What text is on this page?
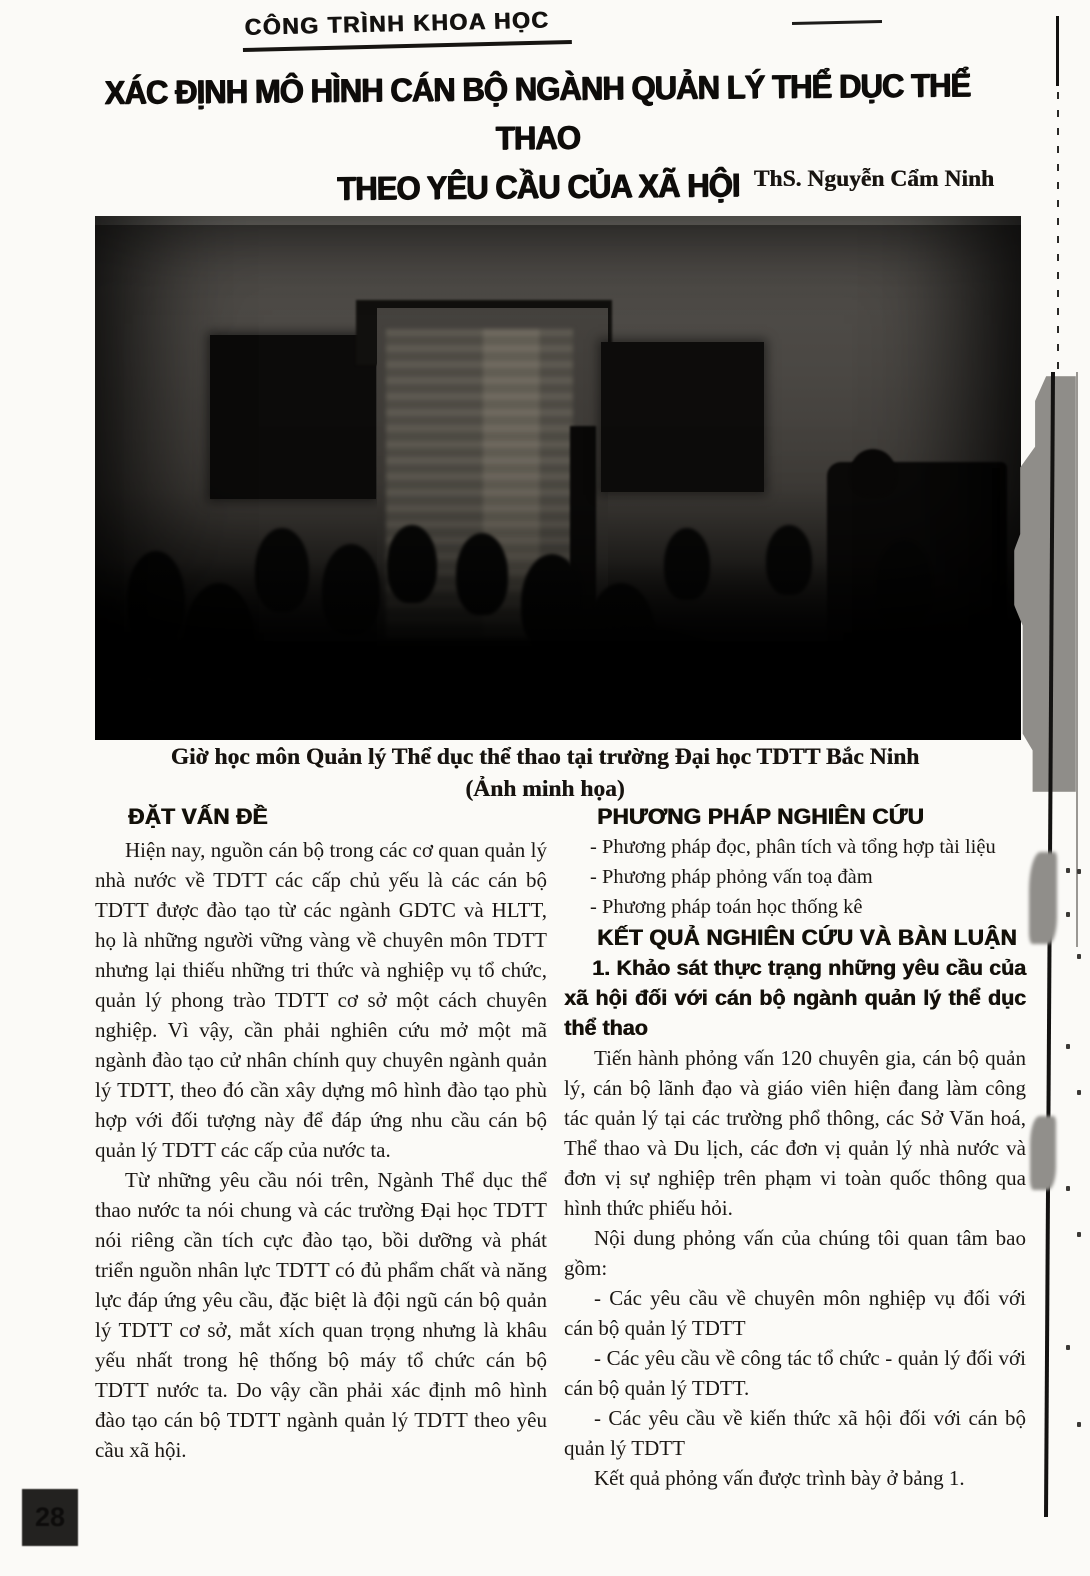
CÔNG TRÌNH KHOA HỌC
XÁC ĐỊNH MÔ HÌNH CÁN BỘ NGÀNH QUẢN LÝ THỂ DỤC THỂ THAO
THEO YÊU CẦU CỦA XÃ HỘI ThS. Nguyễn Cẩm Ninh

Giờ học môn Quản lý Thể dục thể thao tại trường Đại học TDTT Bắc Ninh

(Ảnh minh họa)

ĐẶT VẤN ĐỀ

Hiện nay, nguồn cán bộ trong các cơ quan quản lý nhà nước về TDTT các cấp chủ yếu là các cán bộ TDTT được đào tạo từ các ngành GDTC và HLTT, họ là những người vững vàng về chuyên môn TDTT nhưng lại thiếu những tri thức và nghiệp vụ tổ chức, quản lý phong trào TDTT cơ sở một cách chuyên nghiệp. Vì vậy, cần phải nghiên cứu mở một mã ngành đào tạo cử nhân chính quy chuyên ngành quản lý TDTT, theo đó cần xây dựng mô hình đào tạo phù hợp với đối tượng này để đáp ứng nhu cầu cán bộ quản lý TDTT các cấp của nước ta.

Từ những yêu cầu nói trên, Ngành Thể dục thể thao nước ta nói chung và các trường Đại học TDTT nói riêng cần tích cực đào tạo, bồi dưỡng và phát triển nguồn nhân lực TDTT có đủ phẩm chất và năng lực đáp ứng yêu cầu, đặc biệt là đội ngũ cán bộ quản lý TDTT cơ sở, mắt xích quan trọng nhưng là khâu yếu nhất trong hệ thống bộ máy tổ chức cán bộ TDTT nước ta. Do vậy cần phải xác định mô hình đào tạo cán bộ TDTT ngành quản lý TDTT theo yêu cầu xã hội.

PHƯƠNG PHÁP NGHIÊN CỨU

- Phương pháp đọc, phân tích và tổng hợp tài liệu

- Phương pháp phỏng vấn toạ đàm

- Phương pháp toán học thống kê

KẾT QUẢ NGHIÊN CỨU VÀ BÀN LUẬN

1. Khảo sát thực trạng những yêu cầu của xã hội đối với cán bộ ngành quản lý thể dục thể thao

Tiến hành phỏng vấn 120 chuyên gia, cán bộ quản lý, cán bộ lãnh đạo và giáo viên hiện đang làm công tác quản lý tại các trường phổ thông, các Sở Văn hoá, Thể thao và Du lịch, các đơn vị quản lý nhà nước và đơn vị sự nghiệp trên phạm vi toàn quốc thông qua hình thức phiếu hỏi.

Nội dung phỏng vấn của chúng tôi quan tâm bao gồm:

- Các yêu cầu về chuyên môn nghiệp vụ đối với cán bộ quản lý TDTT

- Các yêu cầu về công tác tổ chức - quản lý đối với cán bộ quản lý TDTT.

- Các yêu cầu về kiến thức xã hội đối với cán bộ quản lý TDTT

Kết quả phỏng vấn được trình bày ở bảng 1.

28
